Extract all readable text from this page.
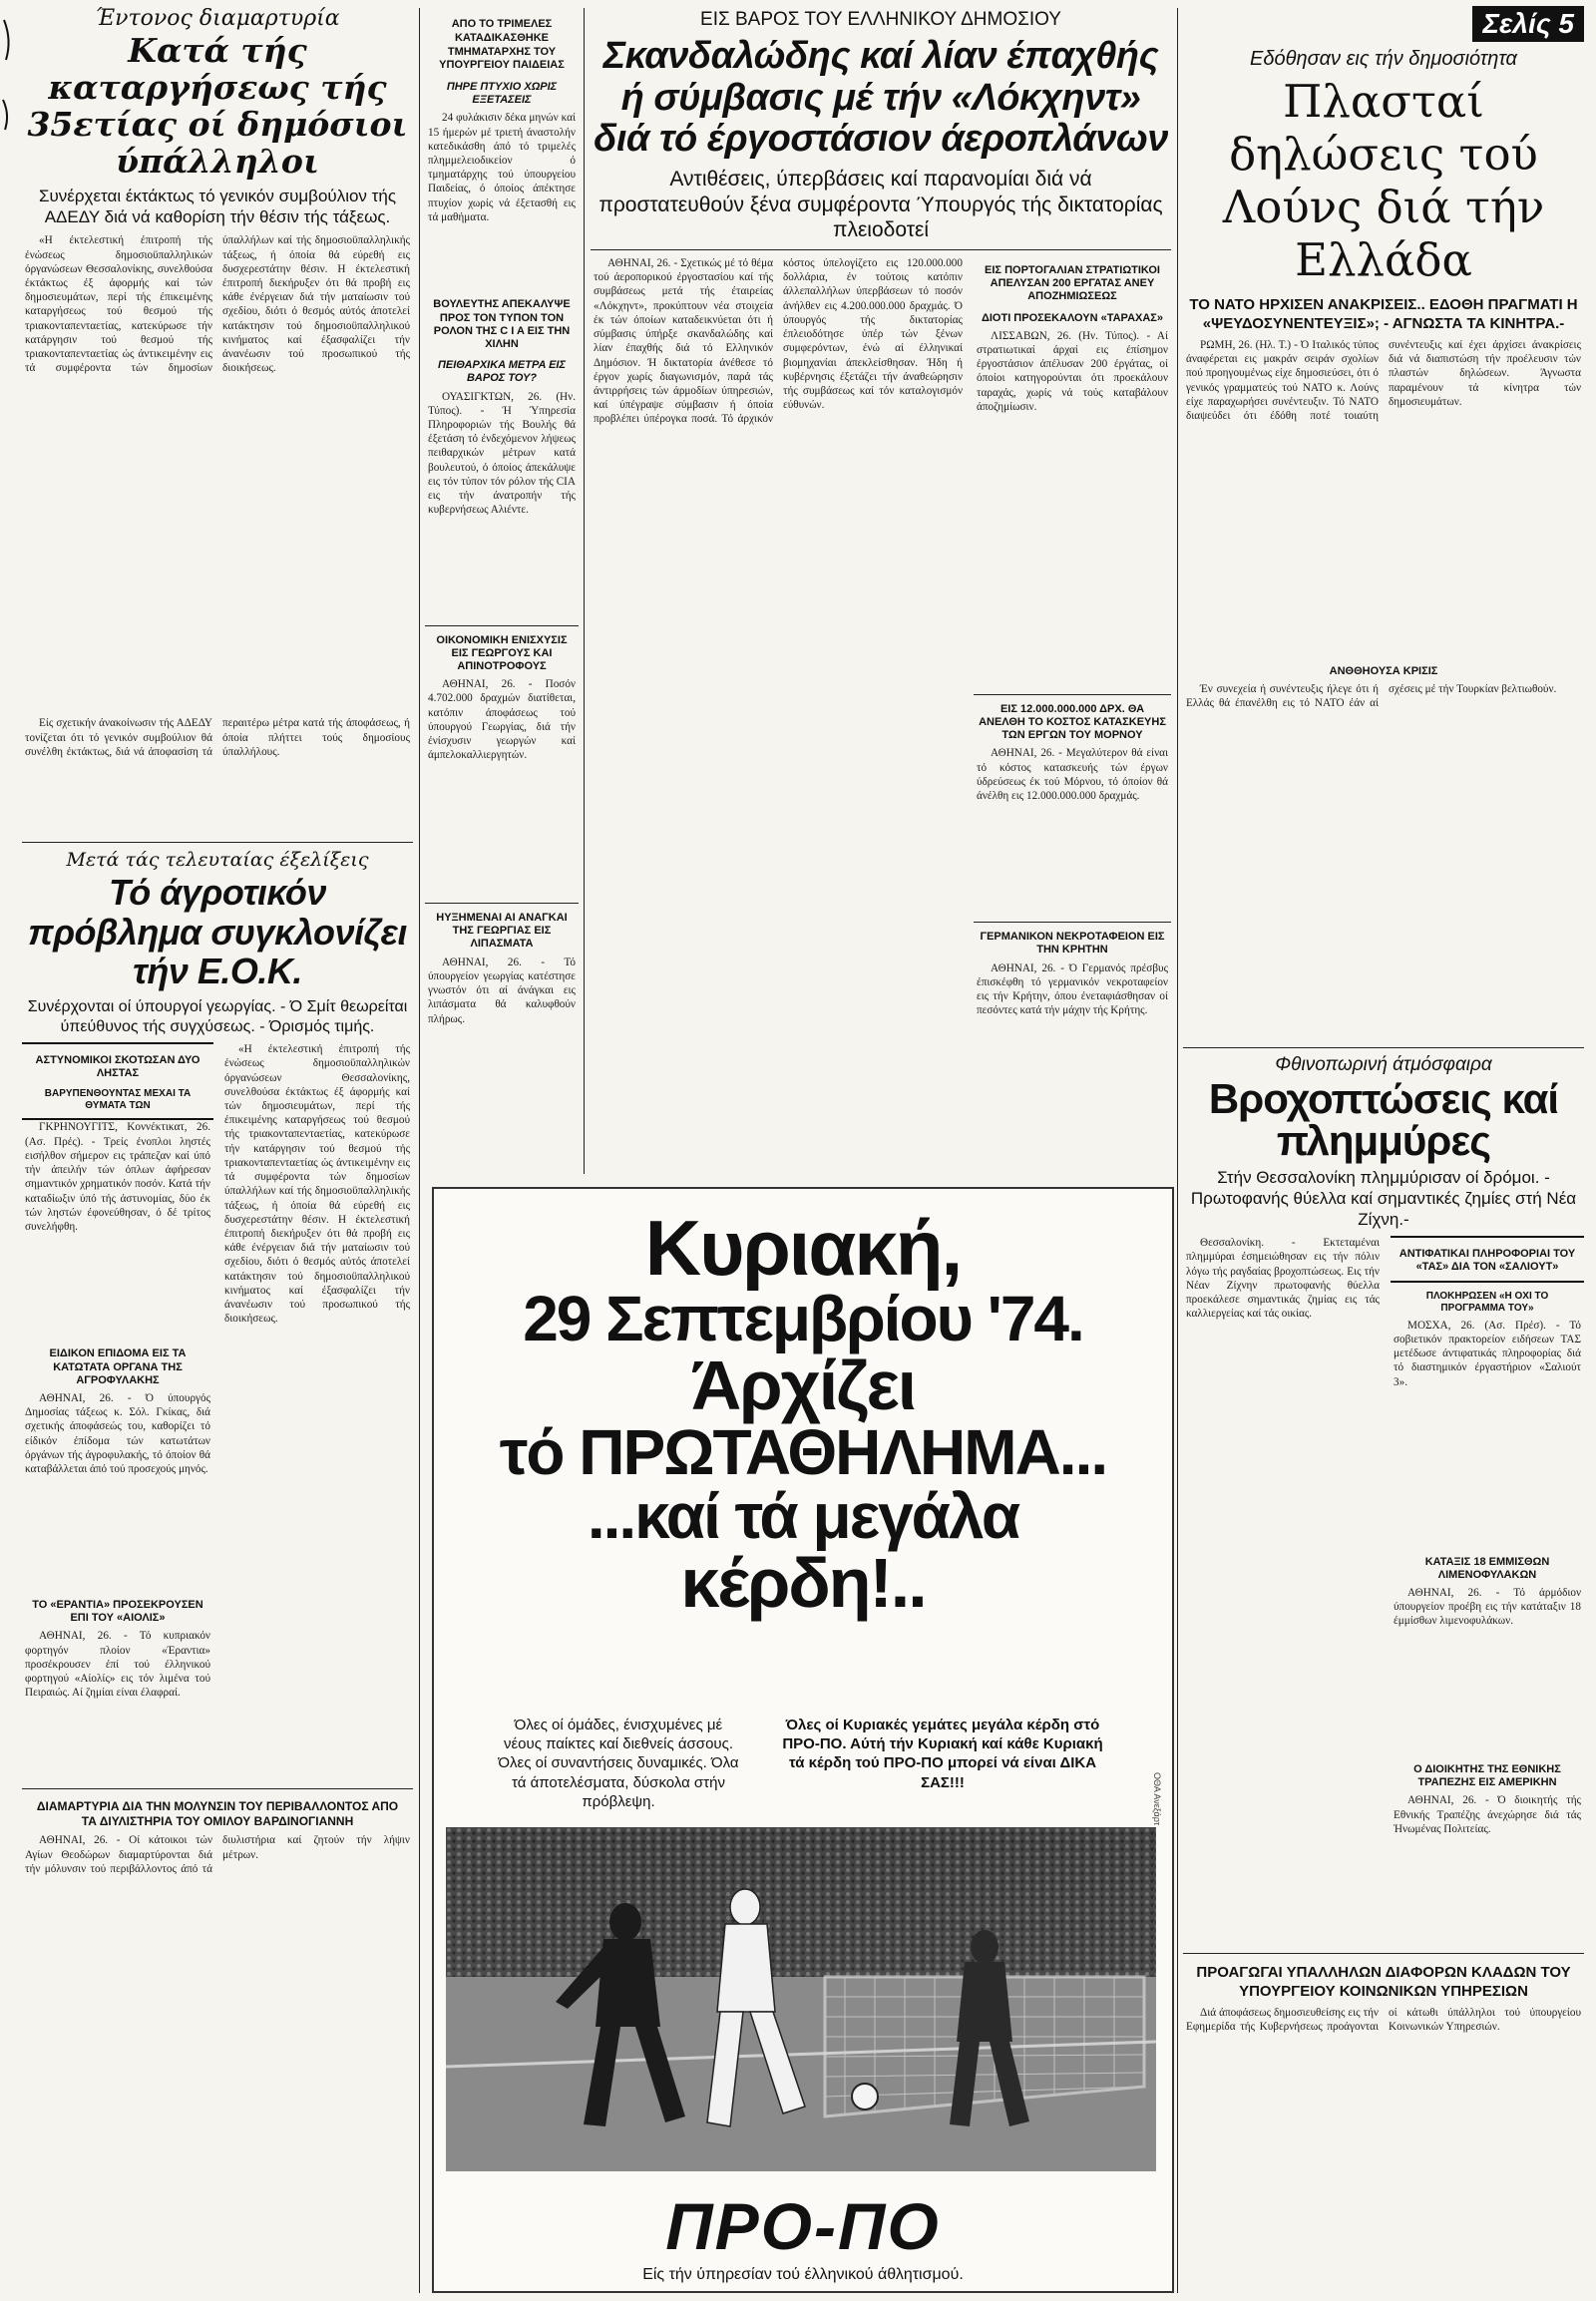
Έντονος διαμαρτυρία
Κατά τής καταργήσεως τής 35ετίας οί δημόσιοι ύπάλληλοι
Συνέρχεται έκτάκτως τό γενικόν συμβούλιον τής ΑΔΕΔΥ διά νά καθορίση τήν θέσιν τής τάξεως.
«Η έκτελεστική έπιτροπή τής ένώσεως δημοσιοϋπαλληλικών όργανώσεων Θεσσαλονίκης, συνελθούσα έκτάκτως έξ άφορμής καί τών δημοσιευμάτων, περί τής έπικειμένης καταργήσεως τού θεσμού τής τριακονταπενταετίας, κατεκύρωσε τήν κατάργησιν τού θεσμού τής τριακονταπενταετίας ώς άντικειμένην εις τά συμφέροντα τών δημοσίων ύπαλλήλων καί τής δημοσιοϋπαλληλικής τάξεως, ή όποία θά εύρεθή εις δυσχερεστάτην θέσιν. Η έκτελεστική έπιτροπή διεκήρυξεν ότι θά προβή εις κάθε ένέργειαν διά τήν ματαίωσιν τού σχεδίου, διότι ό θεσμός αύτός άποτελεί κατάκτησιν τού δημοσιοϋπαλληλικού κινήματος καί έξασφαλίζει τήν άνανέωσιν τού προσωπικού τής διοικήσεως.
Είς σχετικήν άνακοίνωσιν τής ΑΔΕΔΥ τονίζεται ότι τό γενικόν συμβούλιον θά συνέλθη έκτάκτως, διά νά άποφασίση τά περαιτέρω μέτρα κατά τής άποφάσεως, ή όποία πλήττει τούς δημοσίους ύπαλλήλους.
Μετά τάς τελευταίας έξελίξεις
Τό άγροτικόν πρόβλημα συγκλονίζει τήν Ε.Ο.Κ.
Συνέρχονται οί ύπουργοί γεωργίας. - Ό Σμίτ θεωρείται ύπεύθυνος τής συγχύσεως. - Όρισμός τιμής.
ΑΣΤΥΝΟΜΙΚΟΙ ΣΚΟΤΩΣΑΝ ΔΥΟ ΛΗΣΤΑΣ
ΒΑΡΥΠΕΝΘΟΥΝΤΑΣ ΜΕΧΑΙ ΤΑ ΘΥΜΑΤΑ ΤΩΝ
ΓΚΡΗΝΟΥΓΙΤΣ, Κοννέκτικατ, 26. (Ασ. Πρές). - Τρείς ένοπλοι ληστές εισήλθον σήμερον εις τράπεζαν καί ύπό τήν άπειλήν τών όπλων άφήρεσαν σημαντικόν χρηματικόν ποσόν. Κατά τήν καταδίωξιν ύπό τής άστυνομίας, δύο έκ τών ληστών έφονεύθησαν, ό δέ τρίτος συνελήφθη.
ΕΙΔΙΚΟΝ ΕΠΙΔΟΜΑ ΕΙΣ ΤΑ ΚΑΤΩΤΑΤΑ ΟΡΓΑΝΑ ΤΗΣ ΑΓΡΟΦΥΛΑΚΗΣ
ΑΘΗΝΑΙ, 26. - Ό ύπουργός Δημοσίας τάξεως κ. Σόλ. Γκίκας, διά σχετικής άποφάσεώς του, καθορίζει τό είδικόν έπίδομα τών κατωτάτων όργάνων τής άγροφυλακής, τό όποίον θά καταβάλλεται άπό τού προσεχούς μηνός.
ΤΟ «ΕΡΑΝΤΙΑ» ΠΡΟΣΕΚΡΟΥΣΕΝ ΕΠΙ ΤΟΥ «ΑΙΟΛΙΣ»
ΑΘΗΝΑΙ, 26. - Τό κυπριακόν φορτηγόν πλοίον «Έραντια» προσέκρουσεν έπί τού έλληνικού φορτηγού «Αίολίς» εις τόν λιμένα τού Πειραιώς. Αί ζημίαι είναι έλαφραί.
«Η έκτελεστική έπιτροπή τής ένώσεως δημοσιοϋπαλληλικών όργανώσεων Θεσσαλονίκης, συνελθούσα έκτάκτως έξ άφορμής καί τών δημοσιευμάτων, περί τής έπικειμένης καταργήσεως τού θεσμού τής τριακονταπενταετίας, κατεκύρωσε τήν κατάργησιν τού θεσμού τής τριακονταπενταετίας ώς άντικειμένην εις τά συμφέροντα τών δημοσίων ύπαλλήλων καί τής δημοσιοϋπαλληλικής τάξεως, ή όποία θά εύρεθή εις δυσχερεστάτην θέσιν. Η έκτελεστική έπιτροπή διεκήρυξεν ότι θά προβή εις κάθε ένέργειαν διά τήν ματαίωσιν τού σχεδίου, διότι ό θεσμός αύτός άποτελεί κατάκτησιν τού δημοσιοϋπαλληλικού κινήματος καί έξασφαλίζει τήν άνανέωσιν τού προσωπικού τής διοικήσεως.
ΔΙΑΜΑΡΤΥΡΙΑ ΔΙΑ ΤΗΝ ΜΟΛΥΝΣΙΝ ΤΟΥ ΠΕΡΙΒΑΛΛΟΝΤΟΣ ΑΠΟ ΤΑ ΔΙΥΛΙΣΤΗΡΙΑ ΤΟΥ ΟΜΙΛΟΥ ΒΑΡΔΙΝΟΓΙΑΝΝΗ
ΑΘΗΝΑΙ, 26. - Οί κάτοικοι τών Αγίων Θεοδώρων διαμαρτύρονται διά τήν μόλυνσιν τού περιβάλλοντος άπό τά διυλιστήρια καί ζητούν τήν λήψιν μέτρων.
ΑΠΟ ΤΟ ΤΡΙΜΕΛΕΣ ΚΑΤΑΔΙΚΑΣΘΗΚΕ ΤΜΗΜΑΤΑΡΧΗΣ ΤΟΥ ΥΠΟΥΡΓΕΙΟΥ ΠΑΙΔΕΙΑΣ
ΠΗΡΕ ΠΤΥΧΙΟ ΧΩΡΙΣ ΕΞΕΤΑΣΕΙΣ
24 φυλάκισιν δέκα μηνών καί 15 ήμερών μέ τριετή άναστολήν κατεδικάσθη άπό τό τριμελές πλημμελειοδικείον ό τμηματάρχης τού ύπουργείου Παιδείας, ό όποίος άπέκτησε πτυχίον χωρίς νά έξετασθή εις τά μαθήματα.
ΒΟΥΛΕΥΤΗΣ ΑΠΕΚΑΛΥΨΕ ΠΡΟΣ ΤΟΝ ΤΥΠΟΝ ΤΟΝ ΡΟΛΟΝ ΤΗΣ C I A ΕΙΣ ΤΗΝ ΧΙΛΗΝ
ΠΕΙΘΑΡΧΙΚΑ ΜΕΤΡΑ ΕΙΣ ΒΑΡΟΣ ΤΟΥ?
ΟΥΑΣΙΓΚΤΩΝ, 26. (Ην. Τύπος). - Ή Ύπηρεσία Πληροφοριών τής Βουλής θά έξετάση τό ένδεχόμενον λήψεως πειθαρχικών μέτρων κατά βουλευτού, ό όποίος άπεκάλυψε εις τόν τύπον τόν ρόλον τής CIA εις τήν άνατροπήν τής κυβερνήσεως Αλιέντε.
ΟΙΚΟΝΟΜΙΚΗ ΕΝΙΣΧΥΣΙΣ ΕΙΣ ΓΕΩΡΓΟΥΣ ΚΑΙ ΑΠΙΝΟΤΡΟΦΟΥΣ
ΑΘΗΝΑΙ, 26. - Ποσόν 4.702.000 δραχμών διατίθεται, κατόπιν άποφάσεως τού ύπουργού Γεωργίας, διά τήν ένίσχυσιν γεωργών καί άμπελοκαλλιεργητών.
ΗΥΞΗΜΕΝΑΙ ΑΙ ΑΝΑΓΚΑΙ ΤΗΣ ΓΕΩΡΓΙΑΣ ΕΙΣ ΛΙΠΑΣΜΑΤΑ
ΑΘΗΝΑΙ, 26. - Τό ύπουργείον γεωργίας κατέστησε γνωστόν ότι αί άνάγκαι εις λιπάσματα θά καλυφθούν πλήρως.
ΕΙΣ ΒΑΡΟΣ ΤΟΥ ΕΛΛΗΝΙΚΟΥ ΔΗΜΟΣΙΟΥ
Σκανδαλώδης καί λίαν έπαχθής ή σύμβασις μέ τήν «Λόκχηντ» διά τό έργοστάσιον άεροπλάνων
Αντιθέσεις, ύπερβάσεις καί παρανομίαι διά νά προστατευθούν ξένα συμφέροντα Ύπουργός τής δικτατορίας πλειοδοτεί
ΑΘΗΝΑΙ, 26. - Σχετικώς μέ τό θέμα τού άεροπορικού έργοστασίου καί τής συμβάσεως μετά τής έταιρείας «Λόκχηντ», προκύπτουν νέα στοιχεία έκ τών όποίων καταδεικνύεται ότι ή σύμβασις ύπήρξε σκανδαλώδης καί λίαν έπαχθής διά τό Ελληνικόν Δημόσιον. Ή δικτατορία άνέθεσε τό έργον χωρίς διαγωνισμόν, παρά τάς άντιρρήσεις τών άρμοδίων ύπηρεσιών, καί ύπέγραψε σύμβασιν ή όποία προβλέπει ύπέρογκα ποσά. Τό άρχικόν κόστος ύπελογίζετο εις 120.000.000 δολλάρια, έν τούτοις κατόπιν άλλεπαλλήλων ύπερβάσεων τό ποσόν άνήλθεν εις 4.200.000.000 δραχμάς. Ό ύπουργός τής δικτατορίας έπλειοδότησε ύπέρ τών ξένων συμφερόντων, ένώ αί έλληνικαί βιομηχανίαι άπεκλείσθησαν. Ήδη ή κυβέρνησις έξετάζει τήν άναθεώρησιν τής συμβάσεως καί τόν καταλογισμόν εύθυνών.
ΕΙΣ ΠΟΡΤΟΓΑΛΙΑΝ ΣΤΡΑΤΙΩΤΙΚΟΙ ΑΠΕΛΥΣΑΝ 200 ΕΡΓΑΤΑΣ ΑΝΕΥ ΑΠΟΖΗΜΙΩΣΕΩΣ
ΔΙΟΤΙ ΠΡΟΣΕΚΑΛΟΥΝ «ΤΑΡΑΧΑΣ»
ΛΙΣΣΑΒΩΝ, 26. (Ην. Τύπος). - Αί στρατιωτικαί άρχαί εις έπίσημον έργοστάσιον άπέλυσαν 200 έργάτας, οί όποίοι κατηγορούνται ότι προεκάλουν ταραχάς, χωρίς νά τούς καταβάλουν άποζημίωσιν.
ΕΙΣ 12.000.000.000 ΔΡΧ. ΘΑ ΑΝΕΛΘΗ ΤΟ ΚΟΣΤΟΣ ΚΑΤΑΣΚΕΥΗΣ ΤΩΝ ΕΡΓΩΝ ΤΟΥ ΜΟΡΝΟΥ
ΑΘΗΝΑΙ, 26. - Μεγαλύτερον θά είναι τό κόστος κατασκευής τών έργων ύδρεύσεως έκ τού Μόρνου, τό όποίον θά άνέλθη εις 12.000.000.000 δραχμάς.
ΓΕΡΜΑΝΙΚΟΝ ΝΕΚΡΟΤΑΦΕΙΟΝ ΕΙΣ ΤΗΝ ΚΡΗΤΗΝ
ΑΘΗΝΑΙ, 26. - Ό Γερμανός πρέσβυς έπισκέφθη τό γερμανικόν νεκροταφείον εις τήν Κρήτην, όπου ένεταφιάσθησαν οί πεσόντες κατά τήν μάχην τής Κρήτης.
Σελίς 5
Εδόθησαν εις τήν δημοσιότητα
Πλασταί δηλώσεις τού Λούνς διά τήν Ελλάδα
ΤΟ ΝΑΤΟ ΗΡΧΙΣΕΝ ΑΝΑΚΡΙΣΕΙΣ.. ΕΔΟΘΗ ΠΡΑΓΜΑΤΙ Η «ΨΕΥΔΟΣΥΝΕΝΤΕΥΞΙΣ»; - ΑΓΝΩΣΤΑ ΤΑ ΚΙΝΗΤΡΑ.-
ΡΩΜΗ, 26. (Ηλ. Τ.) - Ό Ιταλικός τύπος άναφέρεται εις μακράν σειράν σχολίων πού προηγουμένως είχε δημοσιεύσει, ότι ό γενικός γραμματεύς τού ΝΑΤΟ κ. Λούνς είχε παραχωρήσει συνέντευξιν. Τό ΝΑΤΟ διαψεύδει ότι έδόθη ποτέ τοιαύτη συνέντευξις καί έχει άρχίσει άνακρίσεις διά νά διαπιστώση τήν προέλευσιν τών πλαστών δηλώσεων. Άγνωστα παραμένουν τά κίνητρα τών δημοσιευμάτων.
ΑΝΘΘΗΟΥΣΑ ΚΡΙΣΙΣ
Έν συνεχεία ή συνέντευξις ήλεγε ότι ή Ελλάς θά έπανέλθη εις τό ΝΑΤΟ έάν αί σχέσεις μέ τήν Τουρκίαν βελτιωθούν.
Φθινοπωρινή άτμόσφαιρα
Βροχοπτώσεις καί πλημμύρες
Στήν Θεσσαλονίκη πλημμύρισαν οί δρόμοι. - Πρωτοφανής θύελλα καί σημαντικές ζημίες στή Νέα Ζίχνη.-
Θεσσαλονίκη. - Εκτεταμέναι πλημμύραι έσημειώθησαν εις τήν πόλιν λόγω τής ραγδαίας βροχοπτώσεως. Εις τήν Νέαν Ζίχνην πρωτοφανής θύελλα προεκάλεσε σημαντικάς ζημίας εις τάς καλλιεργείας καί τάς οικίας.
ΑΝΤΙΦΑΤΙΚΑΙ ΠΛΗΡΟΦΟΡΙΑΙ ΤΟΥ «ΤΑΣ» ΔΙΑ ΤΟΝ «ΣΑΛΙΟΥΤ»
ΠΛΟΚΗΡΩΣΕΝ «Η ΟΧΙ ΤΟ ΠΡΟΓΡΑΜΜΑ ΤΟΥ»
ΜΟΣΧΑ, 26. (Ασ. Πρέσ). - Τό σοβιετικόν πρακτορείον ειδήσεων ΤΑΣ μετέδωσε άντιφατικάς πληροφορίας διά τό διαστημικόν έργαστήριον «Σαλιούτ 3».
ΚΑΤΑΞΙΣ 18 ΕΜΜΙΣΘΩΝ ΛΙΜΕΝΟΦΥΛΑΚΩΝ
ΑΘΗΝΑΙ, 26. - Τό άρμόδιον ύπουργείον προέβη εις τήν κατάταξιν 18 έμμίσθων λιμενοφυλάκων.
Ο ΔΙΟΙΚΗΤΗΣ ΤΗΣ ΕΘΝΙΚΗΣ ΤΡΑΠΕΖΗΣ ΕΙΣ ΑΜΕΡΙΚΗΝ
ΑΘΗΝΑΙ, 26. - Ό διοικητής τής Εθνικής Τραπέζης άνεχώρησε διά τάς Ήνωμένας Πολιτείας.
ΠΡΟΑΓΩΓΑΙ ΥΠΑΛΛΗΛΩΝ ΔΙΑΦΟΡΩΝ ΚΛΑΔΩΝ ΤΟΥ ΥΠΟΥΡΓΕΙΟΥ ΚΟΙΝΩΝΙΚΩΝ ΥΠΗΡΕΣΙΩΝ
Διά άποφάσεως δημοσιευθείσης εις τήν Εφημερίδα τής Κυβερνήσεως προάγονται οί κάτωθι ύπάλληλοι τού ύπουργείου Κοινωνικών Υπηρεσιών.
Κυριακή,
29 Σεπτεμβρίου '74.
Άρχίζει
τό ΠΡΩΤΑΘΗΛΗΜΑ...
...καί τά μεγάλα
κέρδη!..
Όλες οί όμάδες, ένισχυμένες μέ νέους παίκτες καί διεθνείς άσσους. Όλες οί συναντήσεις δυναμικές. Όλα τά άποτελέσματα, δύσκολα στήν πρόβλεψη.
Όλες οί Κυριακές γεμάτες μεγάλα κέρδη στό ΠΡΟ-ΠΟ. Αύτή τήν Κυριακή καί κάθε Κυριακή τά κέρδη τού ΠΡΟ-ΠΟ μπορεί νά είναι ΔΙΚΑ ΣΑΣ!!!	ΟΘΑ Ανεξάρτ
ΠΡΟ-ΠΟ
Είς τήν ύπηρεσίαν τού έλληνικού άθλητισμού.
